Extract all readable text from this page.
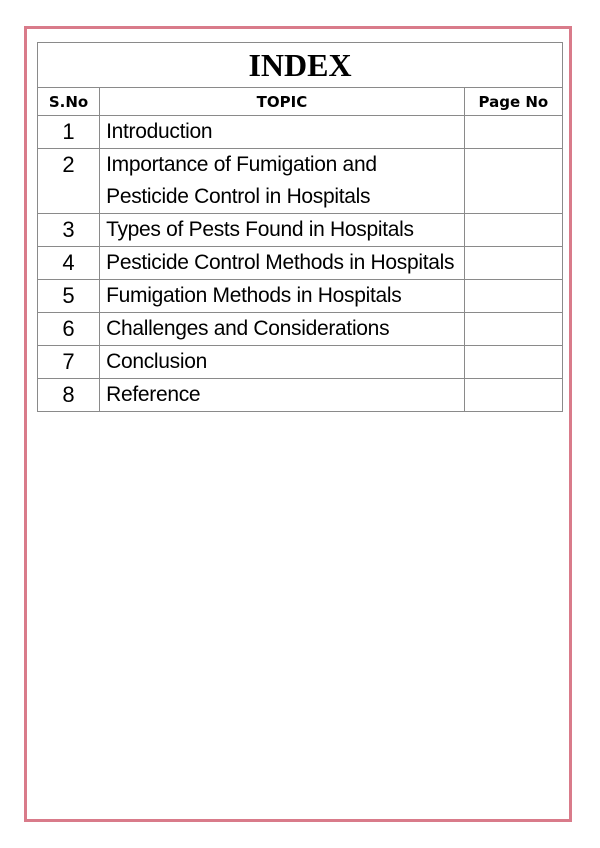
INDEX		
S.No	TOPIC	Page No
1	Introduction	
2	Importance of Fumigation and Pesticide Control in Hospitals	
3	Types of Pests Found in Hospitals	
4	Pesticide Control Methods in Hospitals	
5	Fumigation Methods in Hospitals	
6	Challenges and Considerations	
7	Conclusion	
8	Reference	
